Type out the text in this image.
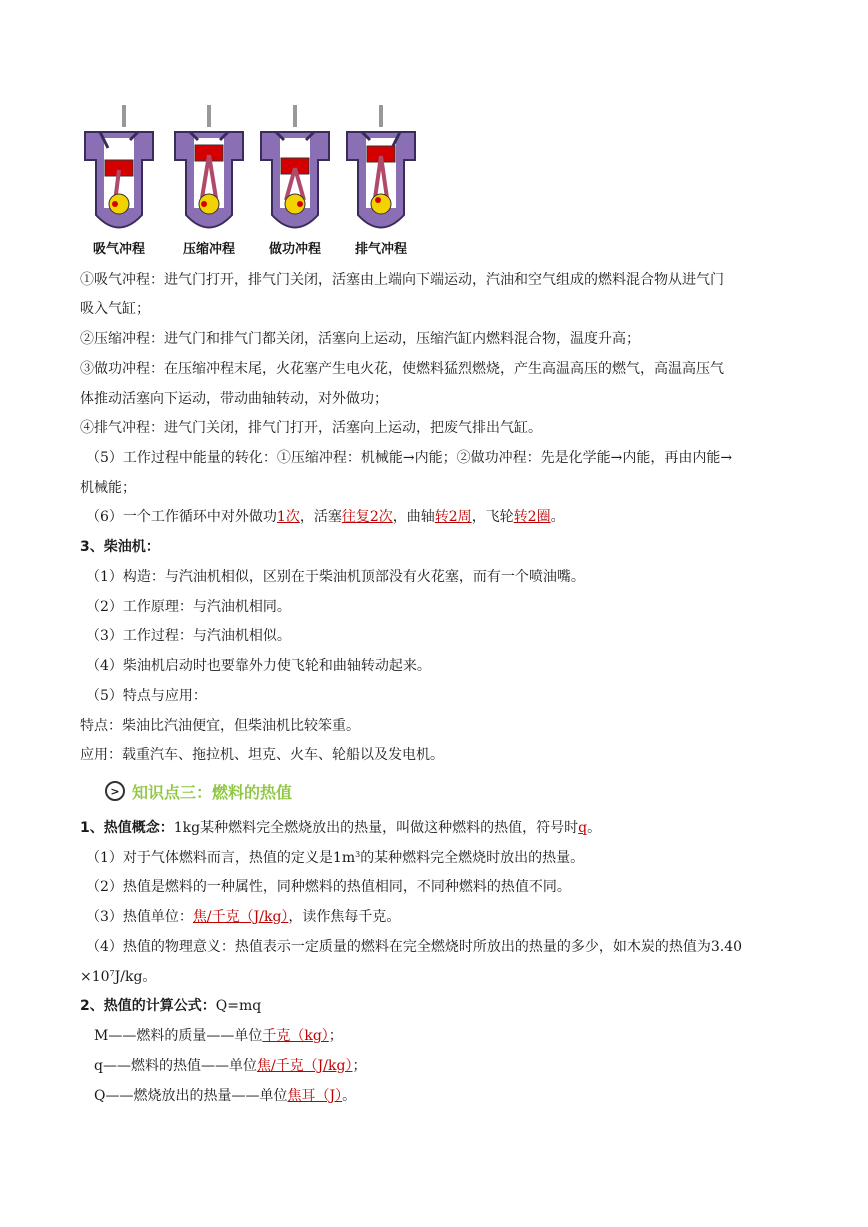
吸气冲程	压缩冲程	做功冲程	排气冲程
①吸气冲程：进气门打开，排气门关闭，活塞由上端向下端运动，汽油和空气组成的燃料混合物从进气门
吸入气缸；
②压缩冲程：进气门和排气门都关闭，活塞向上运动，压缩汽缸内燃料混合物，温度升高；
③做功冲程：在压缩冲程末尾，火花塞产生电火花，使燃料猛烈燃烧，产生高温高压的燃气，高温高压气
体推动活塞向下运动，带动曲轴转动，对外做功；
④排气冲程：进气门关闭，排气门打开，活塞向上运动，把废气排出气缸。
（5）工作过程中能量的转化：①压缩冲程：机械能→内能；②做功冲程：先是化学能→内能，再由内能→
机械能；
（6）一个工作循环中对外做功1次，活塞往复2次，曲轴转2周，飞轮转2圈。
3、柴油机：
（1）构造：与汽油机相似，区别在于柴油机顶部没有火花塞，而有一个喷油嘴。
（2）工作原理：与汽油机相同。
（3）工作过程：与汽油机相似。
（4）柴油机启动时也要靠外力使飞轮和曲轴转动起来。
（5）特点与应用：
特点：柴油比汽油便宜，但柴油机比较笨重。
应用：载重汽车、拖拉机、坦克、火车、轮船以及发电机。
> 知识点三：燃料的热值
1、热值概念：1kg某种燃料完全燃烧放出的热量，叫做这种燃料的热值，符号时q。
（1）对于气体燃料而言，热值的定义是$1m^3$的某种燃料完全燃烧时放出的热量。
（2）热值是燃料的一种属性，同种燃料的热值相同，不同种燃料的热值不同。
（3）热值单位：焦/千克（J/kg），读作焦每千克。
（4）热值的物理意义：热值表示一定质量的燃料在完全燃烧时所放出的热量的多少，如木炭的热值为3.40
$\times 10^7J/kg$。
2、热值的计算公式：Q=mq
M——燃料的质量——单位千克（kg）；
q——燃料的热值——单位焦/千克（J/kg）；
Q——燃烧放出的热量——单位焦耳（J）。
